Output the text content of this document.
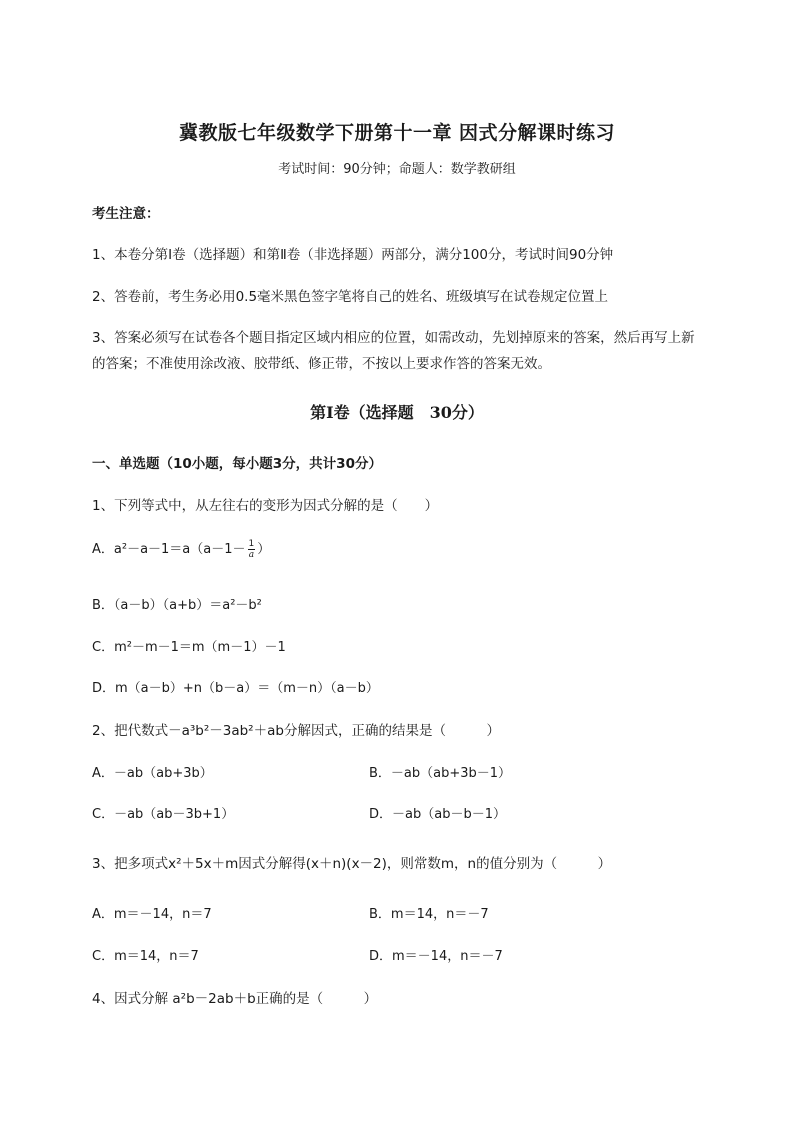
冀教版七年级数学下册第十一章 因式分解课时练习
考试时间：90分钟；命题人：数学教研组
考生注意：
1、本卷分第I卷（选择题）和第Ⅱ卷（非选择题）两部分，满分100分，考试时间90分钟
2、答卷前，考生务必用0.5毫米黑色签字笔将自己的姓名、班级填写在试卷规定位置上
3、答案必须写在试卷各个题目指定区域内相应的位置，如需改动，先划掉原来的答案，然后再写上新
的答案；不准使用涂改液、胶带纸、修正带，不按以上要求作答的答案无效。
第I卷（选择题　30分）
一、单选题（10小题，每小题3分，共计30分）
1、下列等式中，从左往右的变形为因式分解的是（　　）
A．$a^2-a-1=a(a-1- \frac{1}{a}$ ）
B．（a－b）（a+b）＝a²－b²
C．m²－m－1＝m（m－1）－1
D．m（a－b）+n（b－a）＝（m－n）（a－b）
2、把代数式－a³b²－3ab²＋ab分解因式，正确的结果是（　　　）
A．－ab（ab+3b）	B．－ab（ab+3b－1）
C．－ab（ab－3b+1）	D．－ab（ab－b－1）
3、把多项式x²＋5x＋m因式分解得(x＋n)(x－2)，则常数m，n的值分别为（　　　）
A．m＝－14，n＝7	B．m＝14，n＝－7
C．m＝14，n＝7	D．m＝－14，n＝－7
4、因式分解 a²b－2ab＋b正确的是（　　　）
